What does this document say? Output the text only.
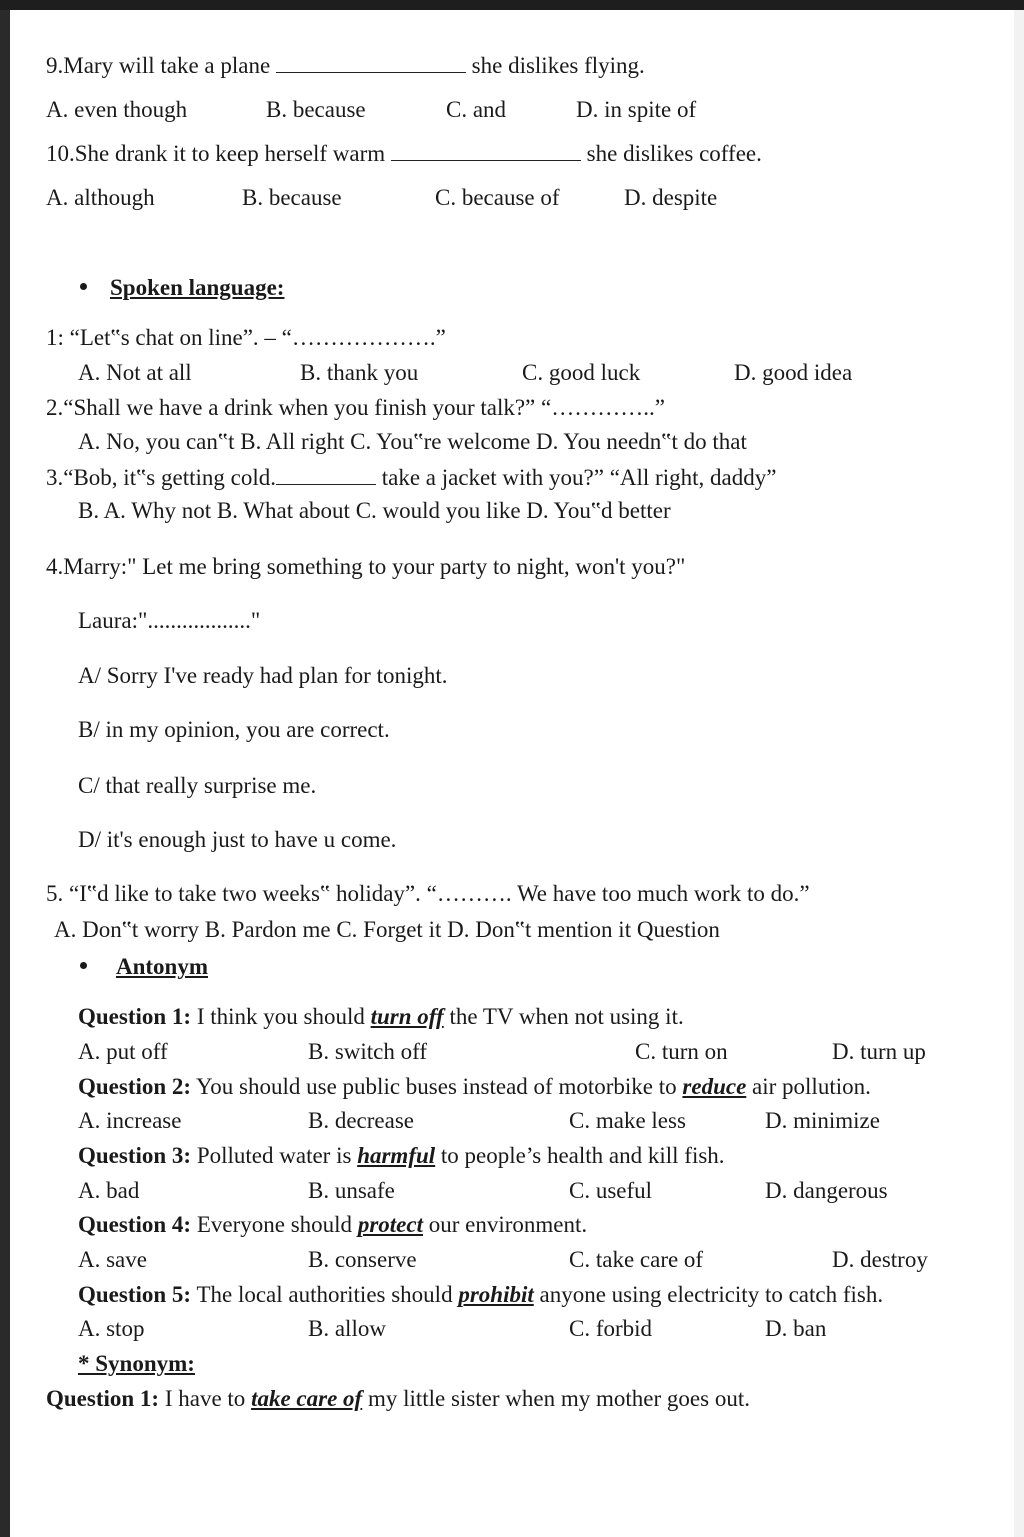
9.Mary will take a plane	she dislikes flying.
A. even though	B. because	C. and	D. in spite of
10.She drank it to keep herself warm	she dislikes coffee.
A. although	B. because	C. because of	D. despite
Spoken language:
1: “Let‟s chat on line”. – “……………….”
A. Not at all	B. thank you	C. good luck	D. good idea
2.“Shall we have a drink when you finish your talk?” “…………..”
A. No, you can‟t B. All right C. You‟re welcome D. You needn‟t do that
3.“Bob, it‟s getting cold.	take a jacket with you?” “All right, daddy”
B. A. Why not B. What about C. would you like D. You‟d better
4.Marry:" Let me bring something to your party to night, won't you?"
Laura:".................."
A/ Sorry I've ready had plan for tonight.
B/ in my opinion, you are correct.
C/ that really surprise me.
D/ it's enough just to have u come.
5. “I‟d like to take two weeks‟ holiday”. “………. We have too much work to do.”
A. Don‟t worry B. Pardon me C. Forget it D. Don‟t mention it Question
Antonym
Question 1: I think you should turn off the TV when not using it.
A. put off	B. switch off	C. turn on	D. turn up
Question 2: You should use public buses instead of motorbike to reduce air pollution.
A. increase	B. decrease	C. make less	D. minimize
Question 3: Polluted water is harmful to people’s health and kill fish.
A. bad	B. unsafe	C. useful	D. dangerous
Question 4: Everyone should protect our environment.
A. save	B. conserve	C. take care of	D. destroy
Question 5: The local authorities should prohibit anyone using electricity to catch fish.
A. stop	B. allow	C. forbid	D. ban
* Synonym:
Question 1: I have to take care of my little sister when my mother goes out.
